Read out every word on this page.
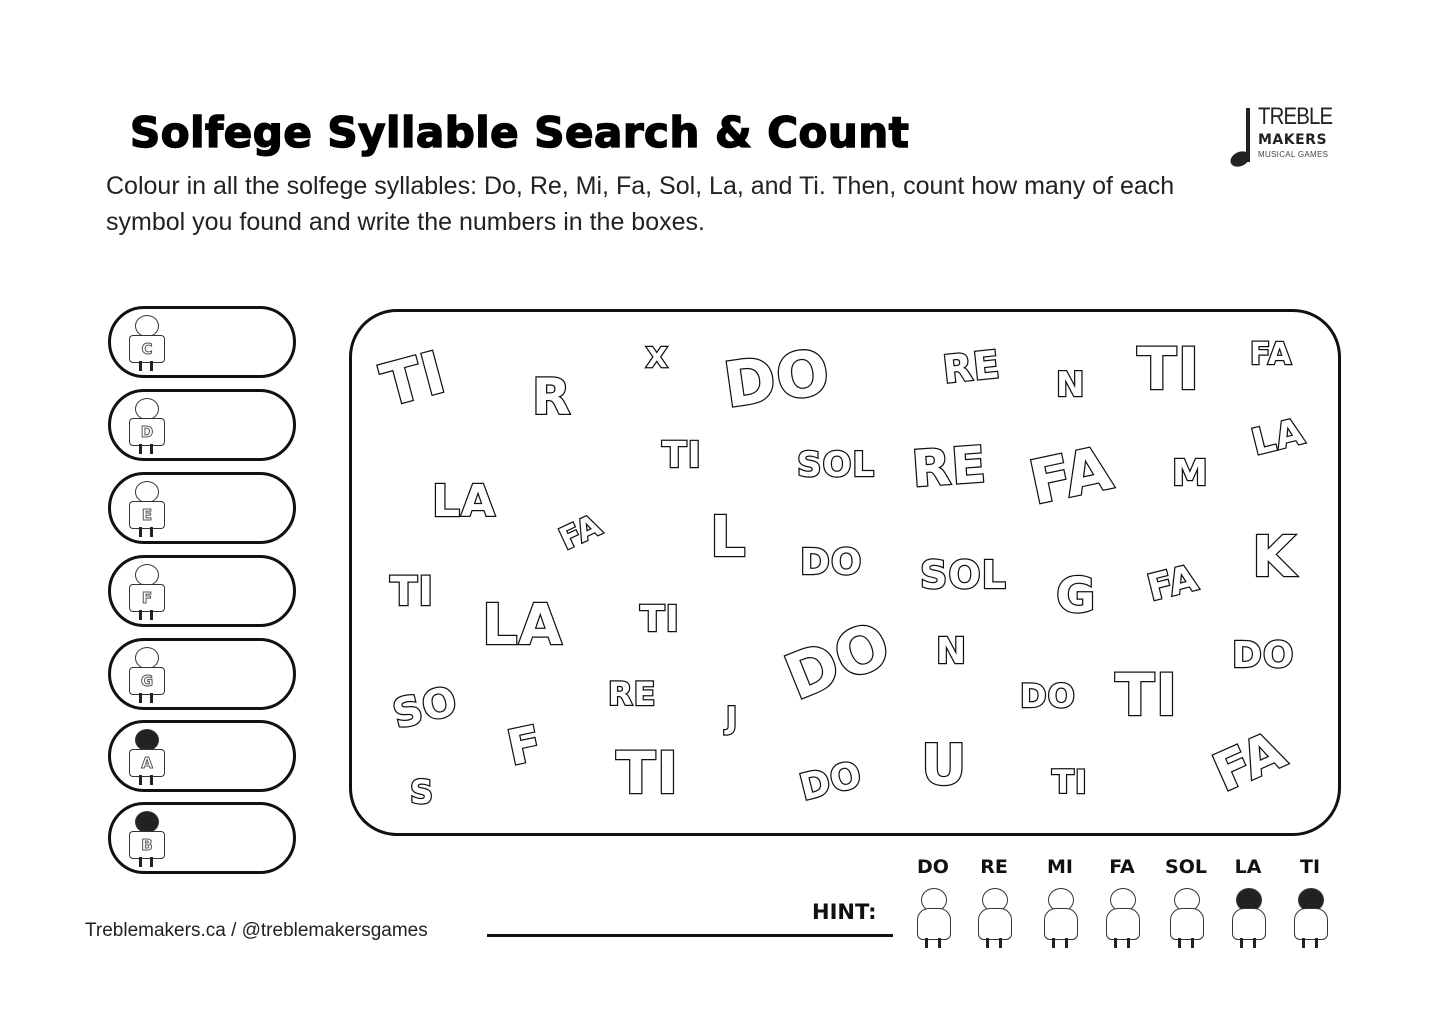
Solfege Syllable Search & Count
Colour in all the solfege syllables: Do, Re, Mi, Fa, Sol, La, and Ti. Then, count how many of each symbol you found and write the numbers in the boxes.
TREBLE
MAKERS
MUSICAL GAMES
C
D
E
F
G
A
B
TI R
X DO	RE N TI FA
TI	SOL RE FA M
LA
LA
FA L DO SOL G FA K
TI
LA TI DO N	DO
SO	RE	DO TI
J
F TI	U
S	DO	TI FA
Treblemakers.ca / @treblemakersgames
HINT:
DO	RE	MI	FA	SOL	LA	TI
